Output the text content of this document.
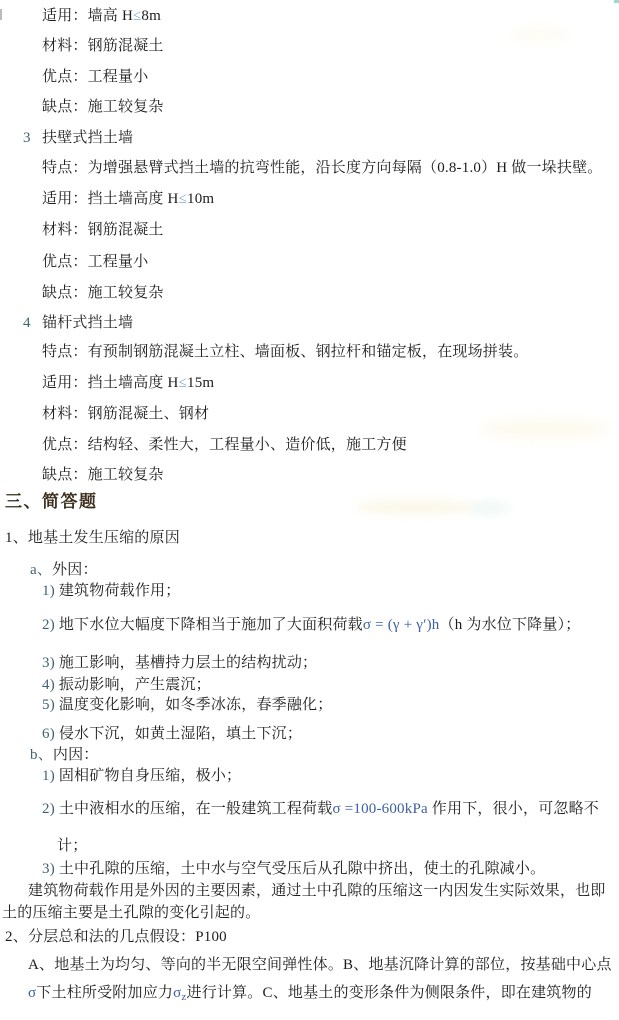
适用：墙高 H≤8m
材料：钢筋混凝土
优点：工程量小
缺点：施工较复杂
3 扶壁式挡土墙
特点：为增强悬臂式挡土墙的抗弯性能，沿长度方向每隔（0.8-1.0）H 做一垛扶壁。
适用：挡土墙高度 H≤10m
材料：钢筋混凝土
优点：工程量小
缺点：施工较复杂
4 锚杆式挡土墙
特点：有预制钢筋混凝土立柱、墙面板、钢拉杆和锚定板，在现场拼装。
适用：挡土墙高度 H≤15m
材料：钢筋混凝土、钢材
优点：结构轻、柔性大，工程量小、造价低，施工方便
缺点：施工较复杂
三、简答题
1、地基土发生压缩的原因
a、外因：
1) 建筑物荷载作用；
2) 地下水位大幅度下降相当于施加了大面积荷载σ = (γ + γ′)h（h 为水位下降量）；
3) 施工影响，基槽持力层土的结构扰动；
4) 振动影响，产生震沉；
5) 温度变化影响，如冬季冰冻，春季融化；
6) 侵水下沉，如黄土湿陷，填土下沉；
b、内因：
1) 固相矿物自身压缩，极小；
2) 土中液相水的压缩，在一般建筑工程荷载σ =100-600kPa 作用下，很小，可忽略不
计；
3) 土中孔隙的压缩，土中水与空气受压后从孔隙中挤出，使土的孔隙减小。
建筑物荷载作用是外因的主要因素，通过土中孔隙的压缩这一内因发生实际效果，也即
土的压缩主要是土孔隙的变化引起的。
2、分层总和法的几点假设：P100
A、地基土为均匀、等向的半无限空间弹性体。B、地基沉降计算的部位，按基础中心点
σ下土柱所受附加应力$\sigma_z$进行计算。C、地基土的变形条件为侧限条件，即在建筑物的
